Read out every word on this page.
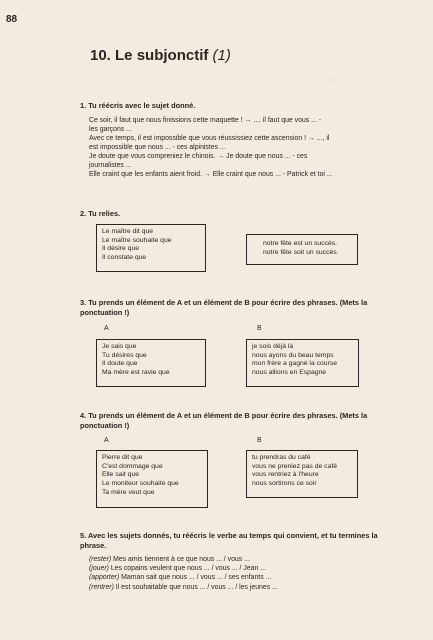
88
10. Le subjonctif (1)
~~~
1. Tu réécris avec le sujet donné.
Ce soir, il faut que nous finissions cette maquette ! → .... il faut que vous ... -
les garçons ...
Avec ce temps, il est impossible que vous réussissiez cette ascension ! → ..., il
est impossible que nous ... - ces alpinistes ...
Je doute que vous compreniez le chinois. → Je doute que nous ... - ces
journalistes ...
Elle craint que les enfants aient froid. → Elle craint que nous ... - Patrick et toi ...
2. Tu relies.
Le maître dit que
Le maître souhaite que
Il désire que
Il constate que
notre fête est un succès.
notre fête soit un succès.
3. Tu prends un élément de A et un élément de B pour écrire des phrases. (Mets la ponctuation !)
A	B
Je sais que
Tu désires que
Il doute que
Ma mère est ravie que
je sois déjà là
nous ayons du beau temps
mon frère a gagné la course
nous allions en Espagne
4. Tu prends un élément de A et un élément de B pour écrire des phrases. (Mets la ponctuation !)
A	B
Pierre dit que
C'est dommage que
Elle sait que
Le moniteur souhaite que
Ta mère veut que
tu prendras du café
vous ne preniez pas de café
vous rentriez à l'heure
nous sortirons ce soir
5. Avec les sujets donnés, tu réécris le verbe au temps qui convient, et tu termines la phrase.
(rester) Mes amis tiennent à ce que nous ... / vous ...
(jouer) Les copains veulent que nous ... / vous ... / Jean ...
(apporter) Maman sait que nous ... / vous ... / ses enfants ...
(rentrer) Il est souhaitable que nous ... / vous ... / les jeunes ...
